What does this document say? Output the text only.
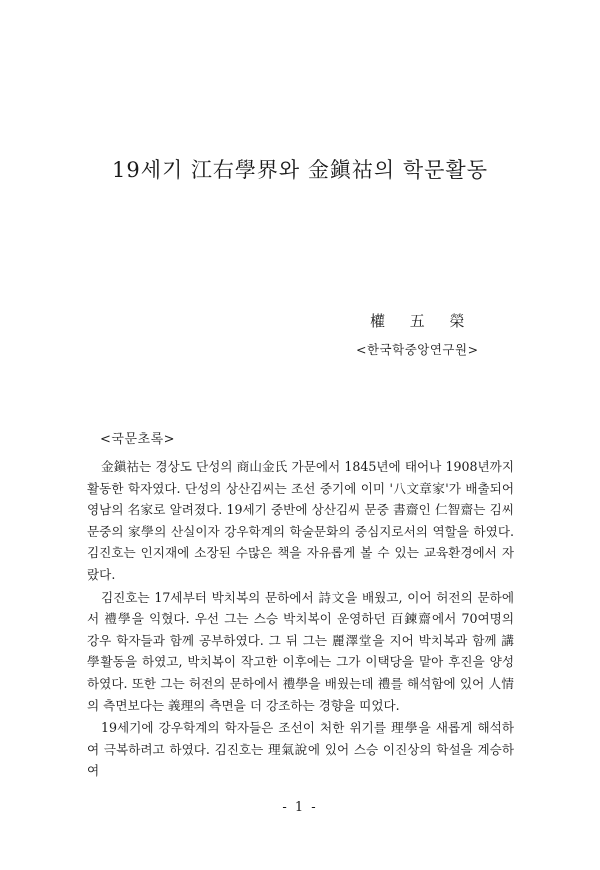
19세기 江右學界와 金鎭祜의 학문활동
權 五 榮
<한국학중앙연구원>
<국문초록>

金鎭祜는 경상도 단성의 商山金氏 가문에서 1845년에 태어나 1908년까지 활동한 학자였다. 단성의 상산김씨는 조선 중기에 이미 '八文章家'가 배출되어 영남의 名家로 알려졌다. 19세기 중반에 상산김씨 문중 書齋인 仁智齋는 김씨 문중의 家學의 산실이자 강우학계의 학술문화의 중심지로서의 역할을 하였다. 김진호는 인지재에 소장된 수많은 책을 자유롭게 볼 수 있는 교육환경에서 자랐다.

김진호는 17세부터 박치복의 문하에서 詩文을 배웠고, 이어 허전의 문하에서 禮學을 익혔다. 우선 그는 스승 박치복이 운영하던 百鍊齋에서 70여명의 강우 학자들과 함께 공부하였다. 그 뒤 그는 麗澤堂을 지어 박치복과 함께 講學활동을 하였고, 박치복이 작고한 이후에는 그가 이택당을 맡아 후진을 양성하였다. 또한 그는 허전의 문하에서 禮學을 배웠는데 禮를 해석함에 있어 人情의 측면보다는 義理의 측면을 더 강조하는 경향을 띠었다.

19세기에 강우학계의 학자들은 조선이 처한 위기를 理學을 새롭게 해석하여 극복하려고 하였다. 김진호는 理氣說에 있어 스승 이진상의 학설을 계승하여

- 1 -
